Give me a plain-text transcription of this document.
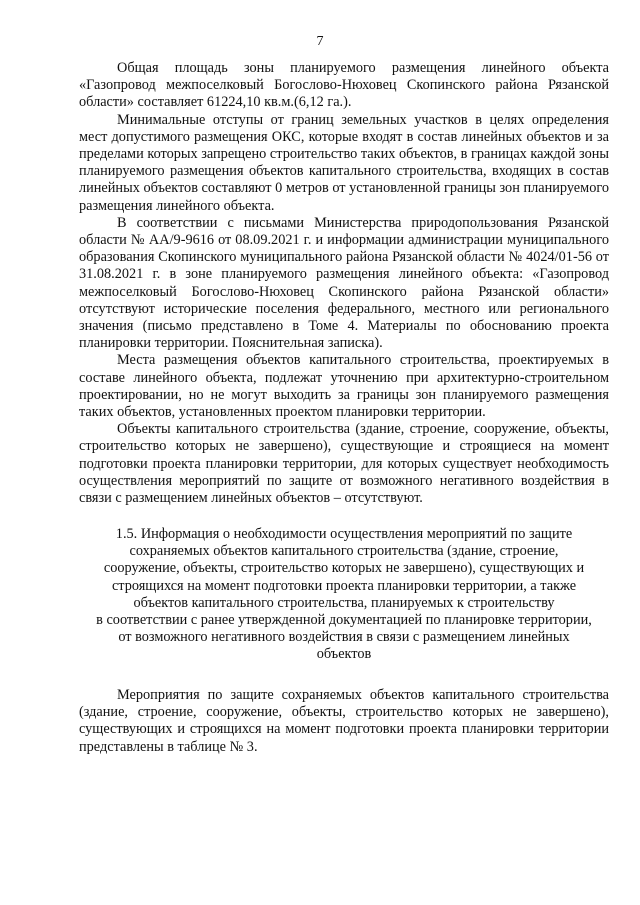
7

Общая площадь зоны планируемого размещения линейного объекта «Газопровод межпоселковый Богослово-Нюховец Скопинского района Рязанской области» составляет 61224,10 кв.м.(6,12 га.).

Минимальные отступы от границ земельных участков в целях определения мест допустимого размещения ОКС, которые входят в состав линейных объектов и за пределами которых запрещено строительство таких объектов, в границах каждой зоны планируемого размещения объектов капитального строительства, входящих в состав линейных объектов составляют 0 метров от установленной границы зон планируемого размещения линейного объекта.

В соответствии с письмами Министерства природопользования Рязанской области № АА/9-9616 от 08.09.2021 г. и информации администрации муниципального образования Скопинского муниципального района Рязанской области № 4024/01-56 от 31.08.2021 г. в зоне планируемого размещения линейного объекта: «Газопровод межпоселковый Богослово-Нюховец Скопинского района Рязанской области» отсутствуют исторические поселения федерального, местного или регионального значения (письмо представлено в Томе 4. Материалы по обоснованию проекта планировки территории. Пояснительная записка).

Места размещения объектов капитального строительства, проектируемых в составе линейного объекта, подлежат уточнению при архитектурно-строительном проектировании, но не могут выходить за границы зон планируемого размещения таких объектов, установленных проектом планировки территории.

Объекты капитального строительства (здание, строение, сооружение, объекты, строительство которых не завершено), существующие и строящиеся на момент подготовки проекта планировки территории, для которых существует необходимость осуществления мероприятий по защите от возможного негативного воздействия в связи с размещением линейных объектов – отсутствуют.

1.5. Информация о необходимости осуществления мероприятий по защите

сохраняемых объектов капитального строительства (здание, строение,

сооружение, объекты, строительство которых не завершено), существующих и

строящихся на момент подготовки проекта планировки территории, а также

объектов капитального строительства, планируемых к строительству

в соответствии с ранее утвержденной документацией по планировке территории,

от возможного негативного воздействия в связи с размещением линейных

объектов

Мероприятия по защите сохраняемых объектов капитального строительства (здание, строение, сооружение, объекты, строительство которых не завершено), существующих и строящихся на момент подготовки проекта планировки территории представлены в таблице № 3.
